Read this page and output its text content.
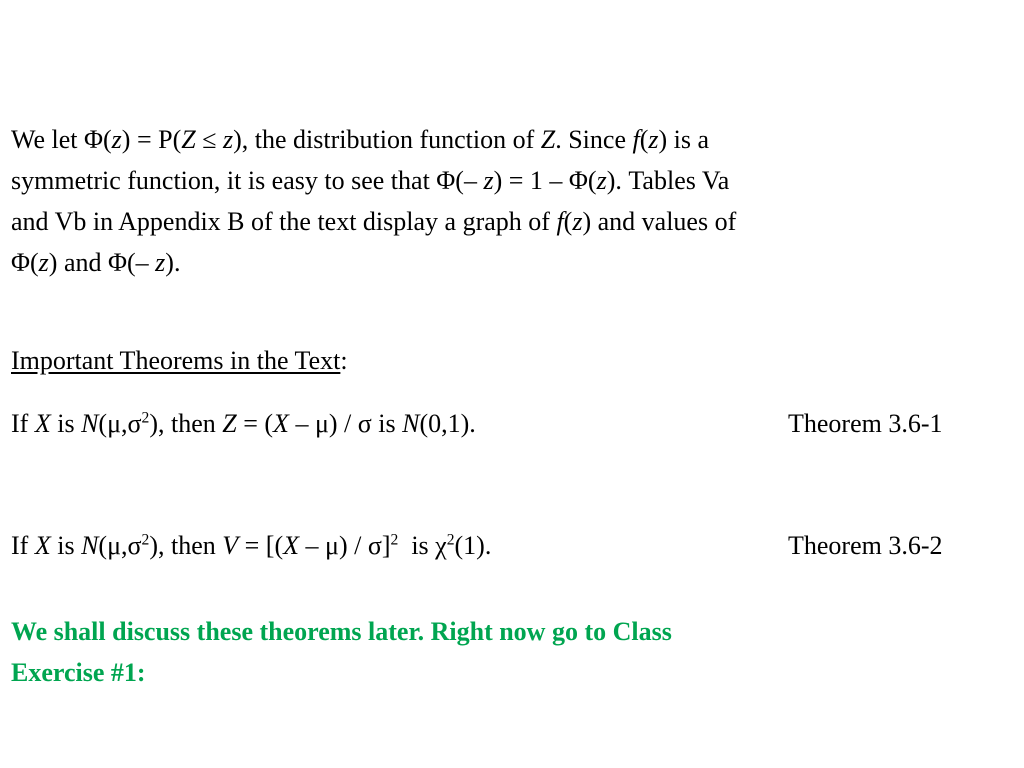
We let Φ(z) = P(Z ≤ z), the distribution function of Z. Since f(z) is a
symmetric function, it is easy to see that Φ(– z) = 1 – Φ(z). Tables Va
and Vb in Appendix B of the text display a graph of f(z) and values of
Φ(z) and Φ(– z).
Important Theorems in the Text:
If X is $N(\mu,\sigma^2)$, then Z = (X – μ) / σ is N(0,1).	Theorem 3.6-1
If X is $N(\mu,\sigma^2)$, then V = [(X – μ) / σ]$^2$  is $\chi^2(1)$.	Theorem 3.6-2
We shall discuss these theorems later. Right now go to Class
Exercise #1:
